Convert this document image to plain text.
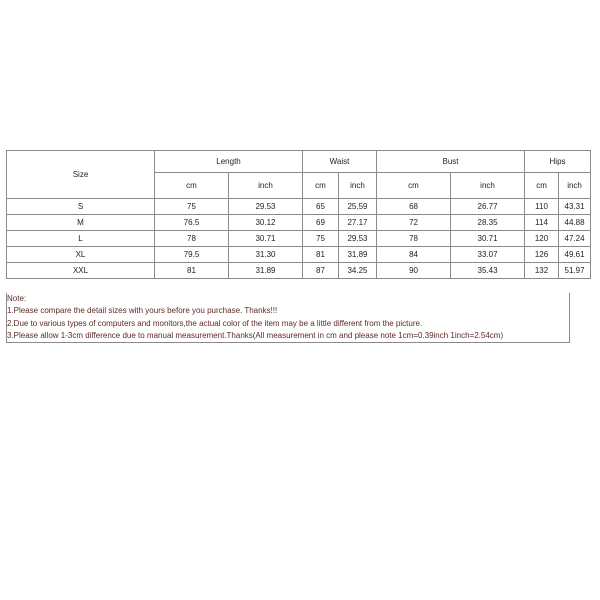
Size	Length		Waist		Bust		Hips	
	cm	inch	cm	inch	cm	inch	cm	inch
S	75	29.53	65	25.59	68	26.77	110	43.31
M	76.5	30.12	69	27.17	72	28.35	114	44.88
L	78	30.71	75	29.53	78	30.71	120	47.24
XL	79.5	31.30	81	31.89	84	33.07	126	49.61
XXL	81	31.89	87	34.25	90	35.43	132	51.97
Note:
1.Please compare the detail sizes with yours before you purchase. Thanks!!!
2.Due to various types of computers and monitors,the actual color of the item may be a little different from the picture.
3.Please allow 1-3cm difference due to manual measurement.Thanks(All measurement in cm and please note 1cm=0.39inch 1inch=2.54cm)
